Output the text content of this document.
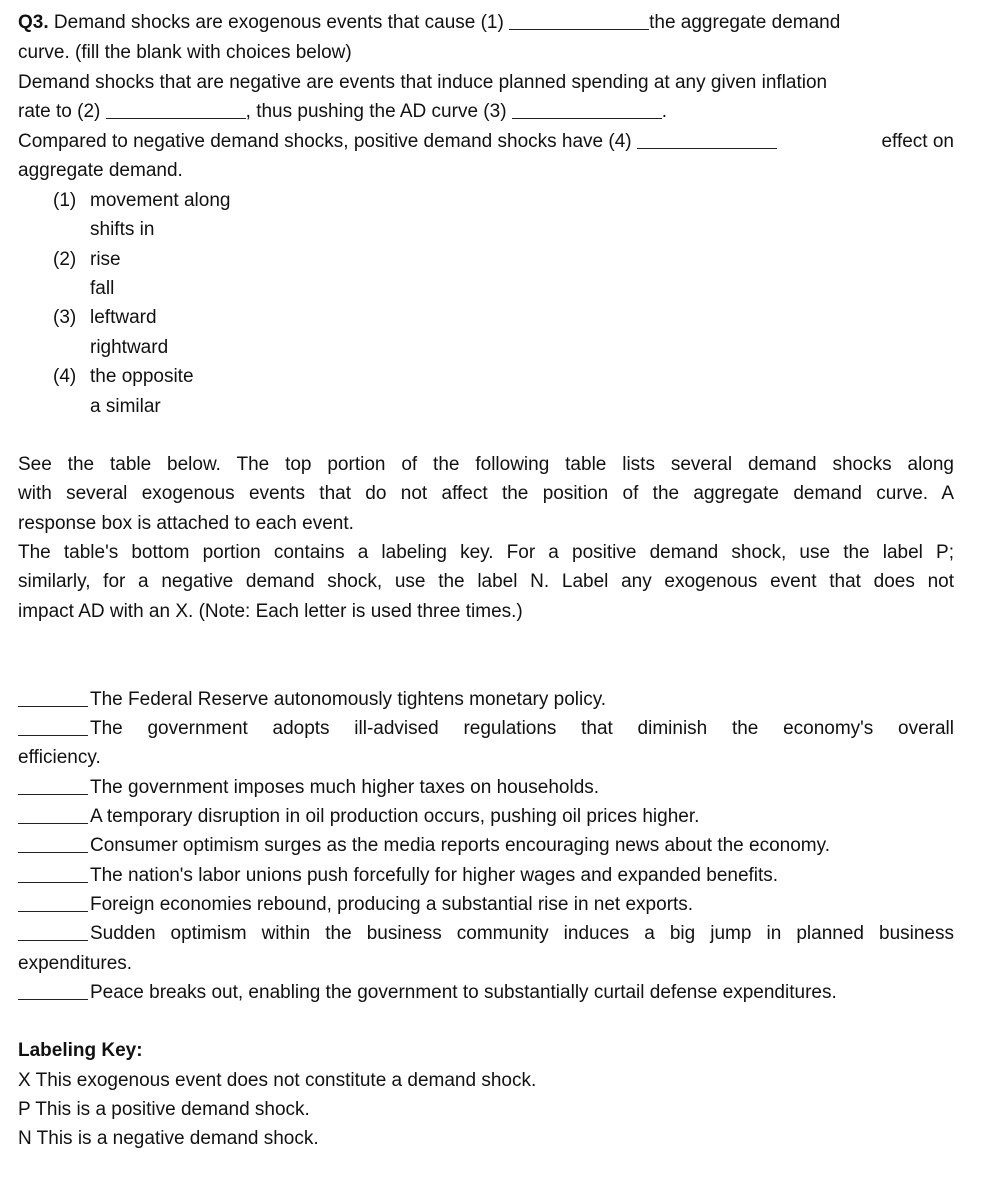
Q3. Demand shocks are exogenous events that cause (1)	the aggregate demand
curve. (fill the blank with choices below)
Demand shocks that are negative are events that induce planned spending at any given inflation
rate to (2)	, thus pushing the AD curve (3)	.
Compared to negative demand shocks, positive demand shocks have (4)	effect on
aggregate demand.
(1) movement along
shifts in
(2) rise
fall
(3) leftward
rightward
(4) the opposite
a similar
See the table below. The top portion of the following table lists several demand shocks along
with several exogenous events that do not affect the position of the aggregate demand curve. A
response box is attached to each event.
The table's bottom portion contains a labeling key. For a positive demand shock, use the label P;
similarly, for a negative demand shock, use the label N. Label any exogenous event that does not
impact AD with an X. (Note: Each letter is used three times.)
The Federal Reserve autonomously tightens monetary policy.
The government adopts ill-advised regulations that diminish the economy's overall
efficiency.
The government imposes much higher taxes on households.
A temporary disruption in oil production occurs, pushing oil prices higher.
Consumer optimism surges as the media reports encouraging news about the economy.
The nation's labor unions push forcefully for higher wages and expanded benefits.
Foreign economies rebound, producing a substantial rise in net exports.
Sudden optimism within the business community induces a big jump in planned business
expenditures.
Peace breaks out, enabling the government to substantially curtail defense expenditures.
Labeling Key:
X This exogenous event does not constitute a demand shock.
P This is a positive demand shock.
N This is a negative demand shock.
